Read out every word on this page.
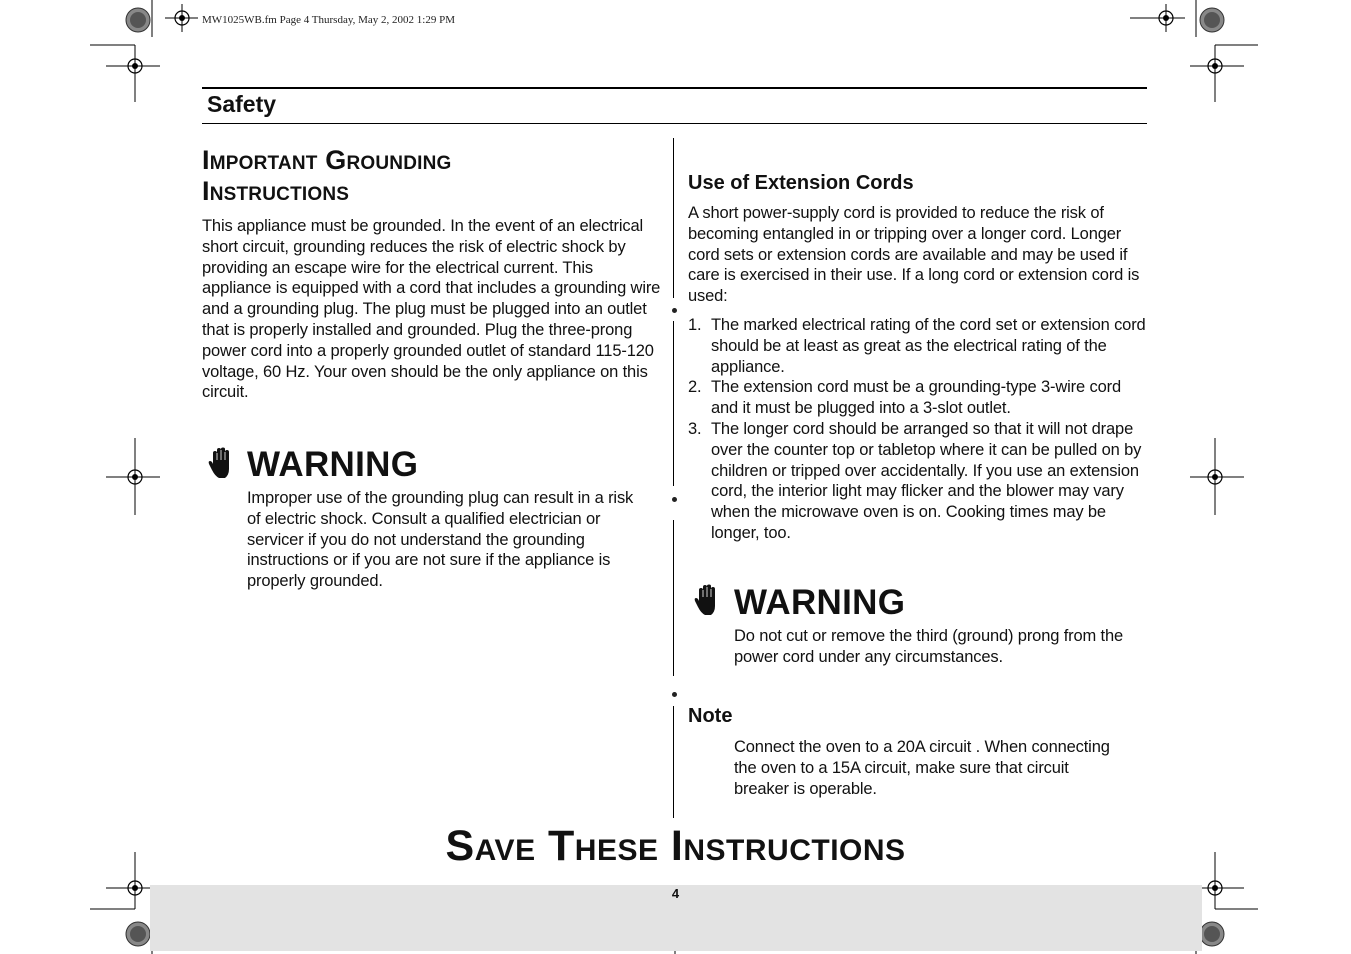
MW1025WB.fm Page 4 Thursday, May 2, 2002 1:29 PM
Safety
Important Grounding
Instructions
This appliance must be grounded. In the event of an electrical
short circuit, grounding reduces the risk of electric shock by
providing an escape wire for the electrical current. This
appliance is equipped with a cord that includes a grounding wire
and a grounding plug. The plug must be plugged into an outlet
that is properly installed and grounded. Plug the three-prong
power cord into a properly grounded outlet of standard 115-120
voltage, 60 Hz. Your oven should be the only appliance on this
circuit.
WARNING
Improper use of the grounding plug can result in a risk
of electric shock. Consult a qualified electrician or
servicer if you do not understand the grounding
instructions or if you are not sure if the appliance is
properly grounded.
Use of Extension Cords
A short power-supply cord is provided to reduce the risk of
becoming entangled in or tripping over a longer cord. Longer
cord sets or extension cords are available and may be used if
care is exercised in their use. If a long cord or extension cord is
used:
1. The marked electrical rating of the cord set or extension cord
should be at least as great as the electrical rating of the
appliance.
2. The extension cord must be a grounding-type 3-wire cord
and it must be plugged into a 3-slot outlet.
3. The longer cord should be arranged so that it will not drape
over the counter top or tabletop where it can be pulled on by
children or tripped over accidentally. If you use an extension
cord, the interior light may flicker and the blower may vary
when the microwave oven is on. Cooking times may be
longer, too.
WARNING
Do not cut or remove the third (ground) prong from the
power cord under any circumstances.
Note
Connect the oven to a 20A circuit . When connecting
the oven to a 15A circuit, make sure that circuit
breaker is operable.
Save These Instructions
4
